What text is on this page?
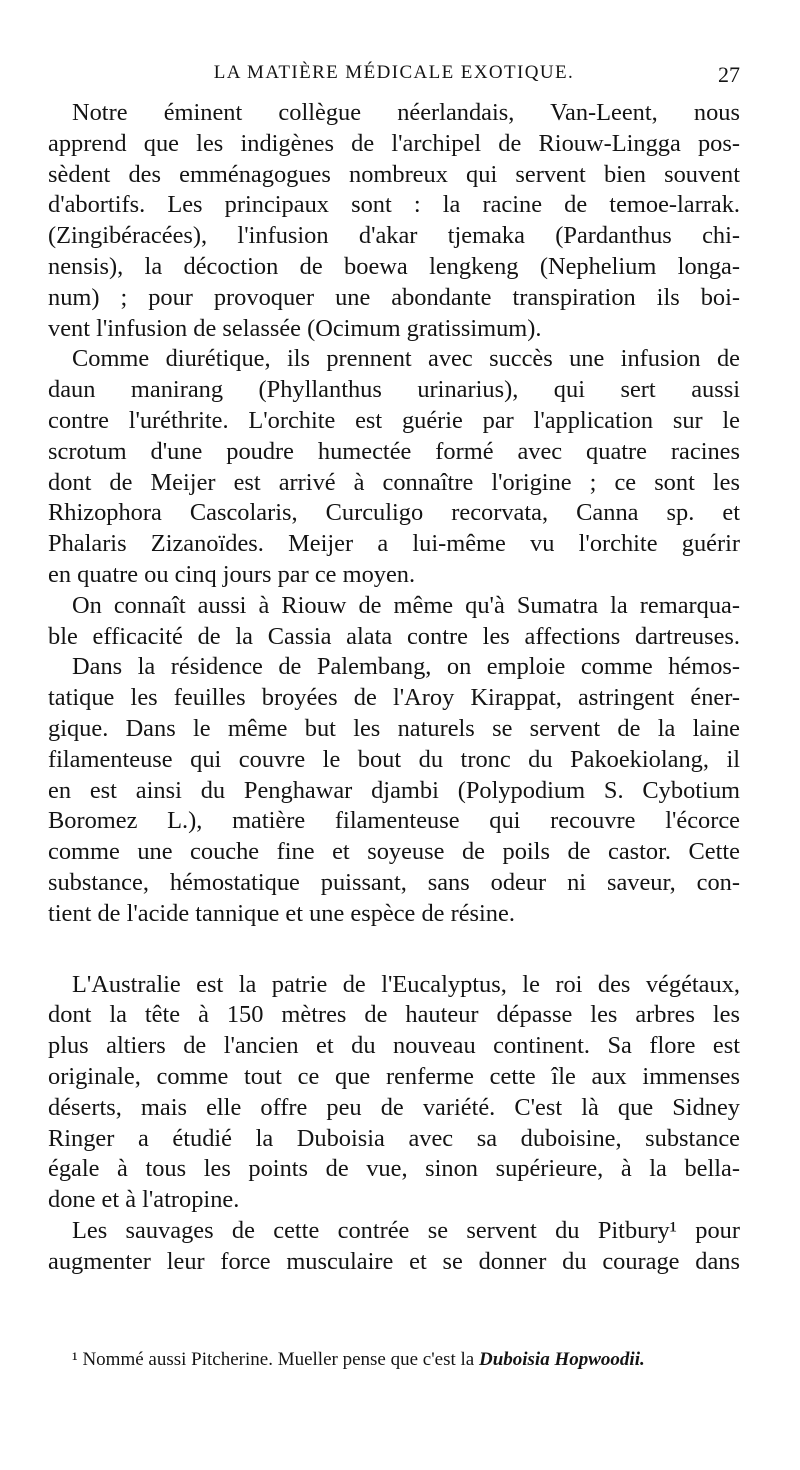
LA MATIÈRE MÉDICALE EXOTIQUE.	27
Notre éminent collègue néerlandais, Van-Leent, nous
apprend que les indigènes de l'archipel de Riouw-Lingga pos-
sèdent des emménagogues nombreux qui servent bien souvent
d'abortifs. Les principaux sont : la racine de temoe-larrak.
(Zingibéracées), l'infusion d'akar tjemaka (Pardanthus chi-
nensis), la décoction de boewa lengkeng (Nephelium longa-
num) ; pour provoquer une abondante transpiration ils boi-
vent l'infusion de selassée (Ocimum gratissimum).
Comme diurétique, ils prennent avec succès une infusion de
daun manirang (Phyllanthus urinarius), qui sert aussi
contre l'uréthrite. L'orchite est guérie par l'application sur le
scrotum d'une poudre humectée formé avec quatre racines
dont de Meijer est arrivé à connaître l'origine ; ce sont les
Rhizophora Cascolaris, Curculigo recorvata, Canna sp. et
Phalaris Zizanoïdes. Meijer a lui-même vu l'orchite guérir
en quatre ou cinq jours par ce moyen.
On connaît aussi à Riouw de même qu'à Sumatra la remarqua-
ble efficacité de la Cassia alata contre les affections dartreuses.
Dans la résidence de Palembang, on emploie comme hémos-
tatique les feuilles broyées de l'Aroy Kirappat, astringent éner-
gique. Dans le même but les naturels se servent de la laine
filamenteuse qui couvre le bout du tronc du Pakoekiolang, il
en est ainsi du Penghawar djambi (Polypodium S. Cybotium
Boromez L.), matière filamenteuse qui recouvre l'écorce
comme une couche fine et soyeuse de poils de castor. Cette
substance, hémostatique puissant, sans odeur ni saveur, con-
tient de l'acide tannique et une espèce de résine.
L'Australie est la patrie de l'Eucalyptus, le roi des végétaux,
dont la tête à 150 mètres de hauteur dépasse les arbres les
plus altiers de l'ancien et du nouveau continent. Sa flore est
originale, comme tout ce que renferme cette île aux immenses
déserts, mais elle offre peu de variété. C'est là que Sidney
Ringer a étudié la Duboisia avec sa duboisine, substance
égale à tous les points de vue, sinon supérieure, à la bella-
done et à l'atropine.
Les sauvages de cette contrée se servent du Pitbury¹ pour
augmenter leur force musculaire et se donner du courage dans
¹ Nommé aussi Pitcherine. Mueller pense que c'est la Duboisia Hopwoodii.
